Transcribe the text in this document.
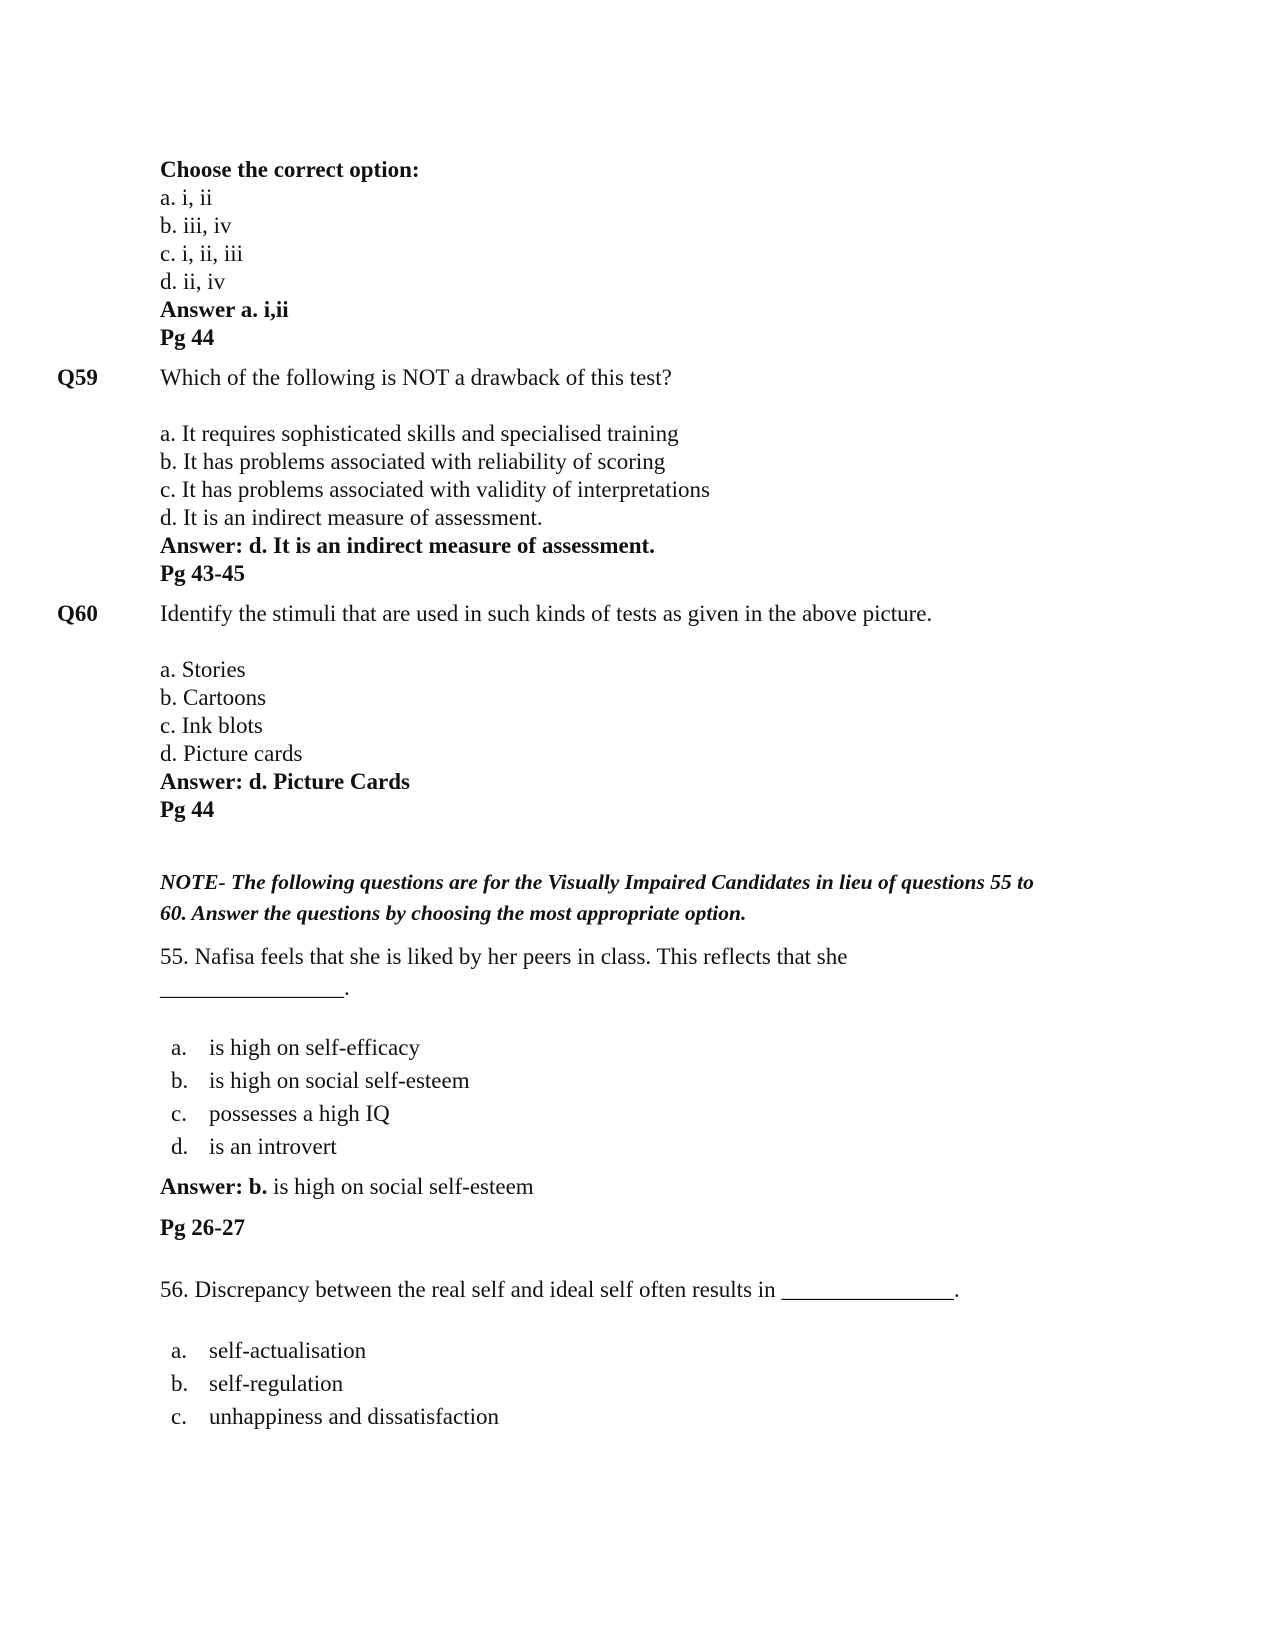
Choose the correct option:
a. i, ii
b. iii, iv
c. i, ii, iii
d. ii, iv
Answer a. i,ii
Pg 44
Q59	Which of the following is NOT a drawback of this test?
a. It requires sophisticated skills and specialised training
b. It has problems associated with reliability of scoring
c. It has problems associated with validity of interpretations
d. It is an indirect measure of assessment.
Answer: d. It is an indirect measure of assessment.
Pg 43-45
Q60	Identify the stimuli that are used in such kinds of tests as given in the above picture.
a. Stories
b. Cartoons
c. Ink blots
d. Picture cards
Answer: d. Picture Cards
Pg 44
NOTE- The following questions are for the Visually Impaired Candidates in lieu of questions 55 to
60. Answer the questions by choosing the most appropriate option.
55. Nafisa feels that she is liked by her peers in class. This reflects that she
________________.
a. is high on self-efficacy
b. is high on social self-esteem
c. possesses a high IQ
d. is an introvert
Answer: b. is high on social self-esteem
Pg 26-27
56. Discrepancy between the real self and ideal self often results in _______________.
a. self-actualisation
b. self-regulation
c. unhappiness and dissatisfaction
